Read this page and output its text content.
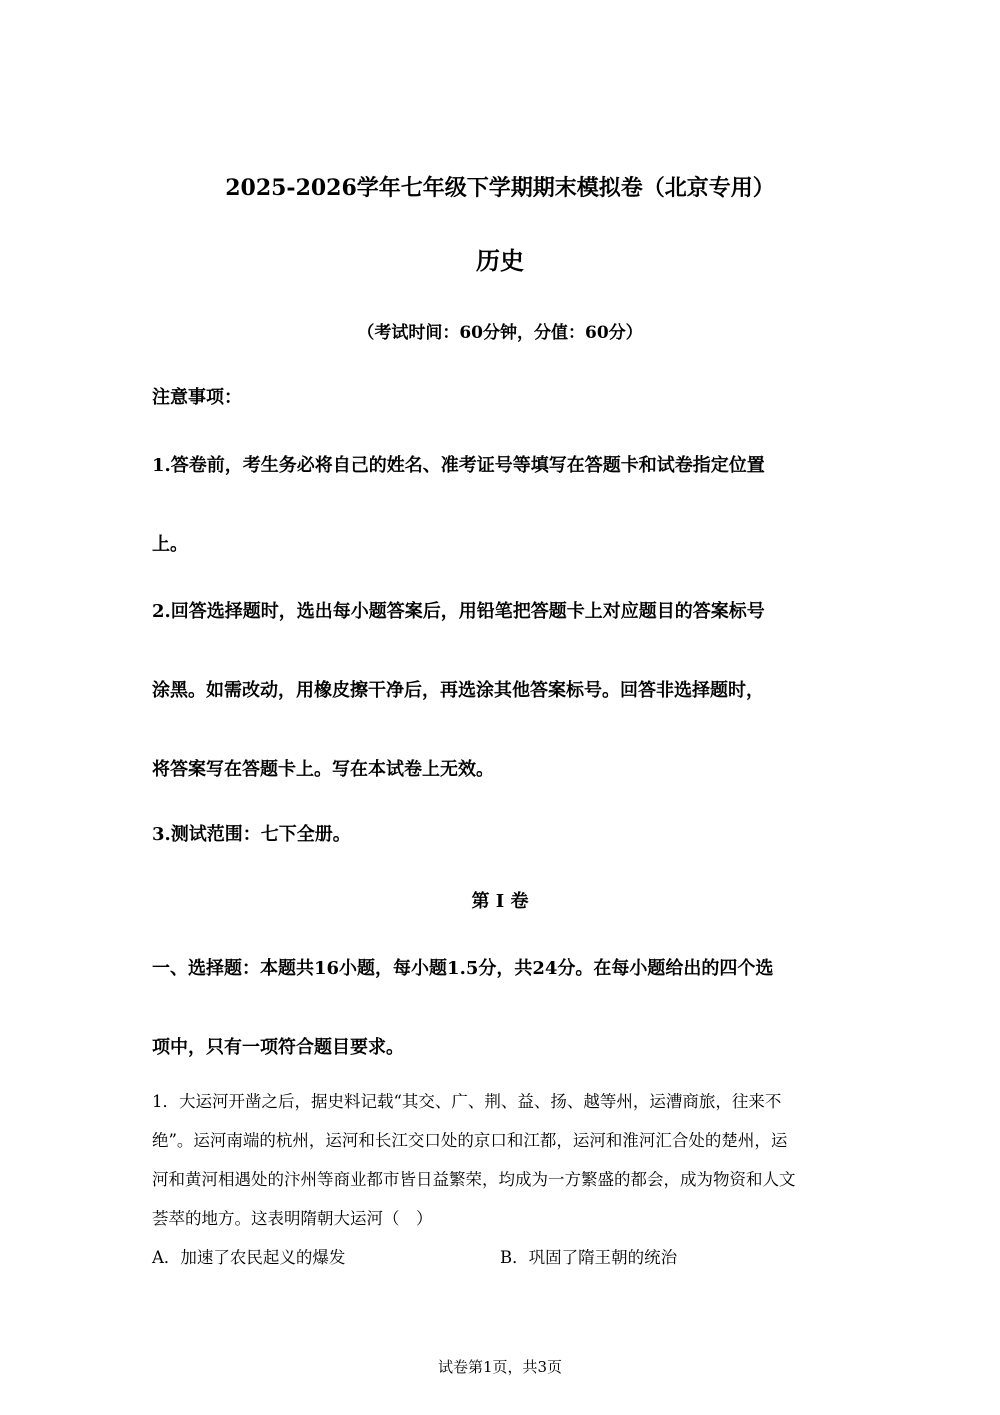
2025-2026学年七年级下学期期末模拟卷（北京专用）
历史
（考试时间：60分钟，分值：60分）
注意事项：
1.答卷前，考生务必将自己的姓名、准考证号等填写在答题卡和试卷指定位置
上。
2.回答选择题时，选出每小题答案后，用铅笔把答题卡上对应题目的答案标号
涂黑。如需改动，用橡皮擦干净后，再选涂其他答案标号。回答非选择题时，
将答案写在答题卡上。写在本试卷上无效。
3.测试范围：七下全册。
第 I 卷
一、选择题：本题共16小题，每小题1.5分，共24分。在每小题给出的四个选
项中，只有一项符合题目要求。
1．大运河开凿之后，据史料记载“其交、广、荆、益、扬、越等州，运漕商旅，往来不
绝”。运河南端的杭州，运河和长江交口处的京口和江都，运河和淮河汇合处的楚州，运
河和黄河相遇处的汴州等商业都市皆日益繁荣，均成为一方繁盛的都会，成为物资和人文
荟萃的地方。这表明隋朝大运河（　）
A．加速了农民起义的爆发	B．巩固了隋王朝的统治
试卷第1页，共3页
